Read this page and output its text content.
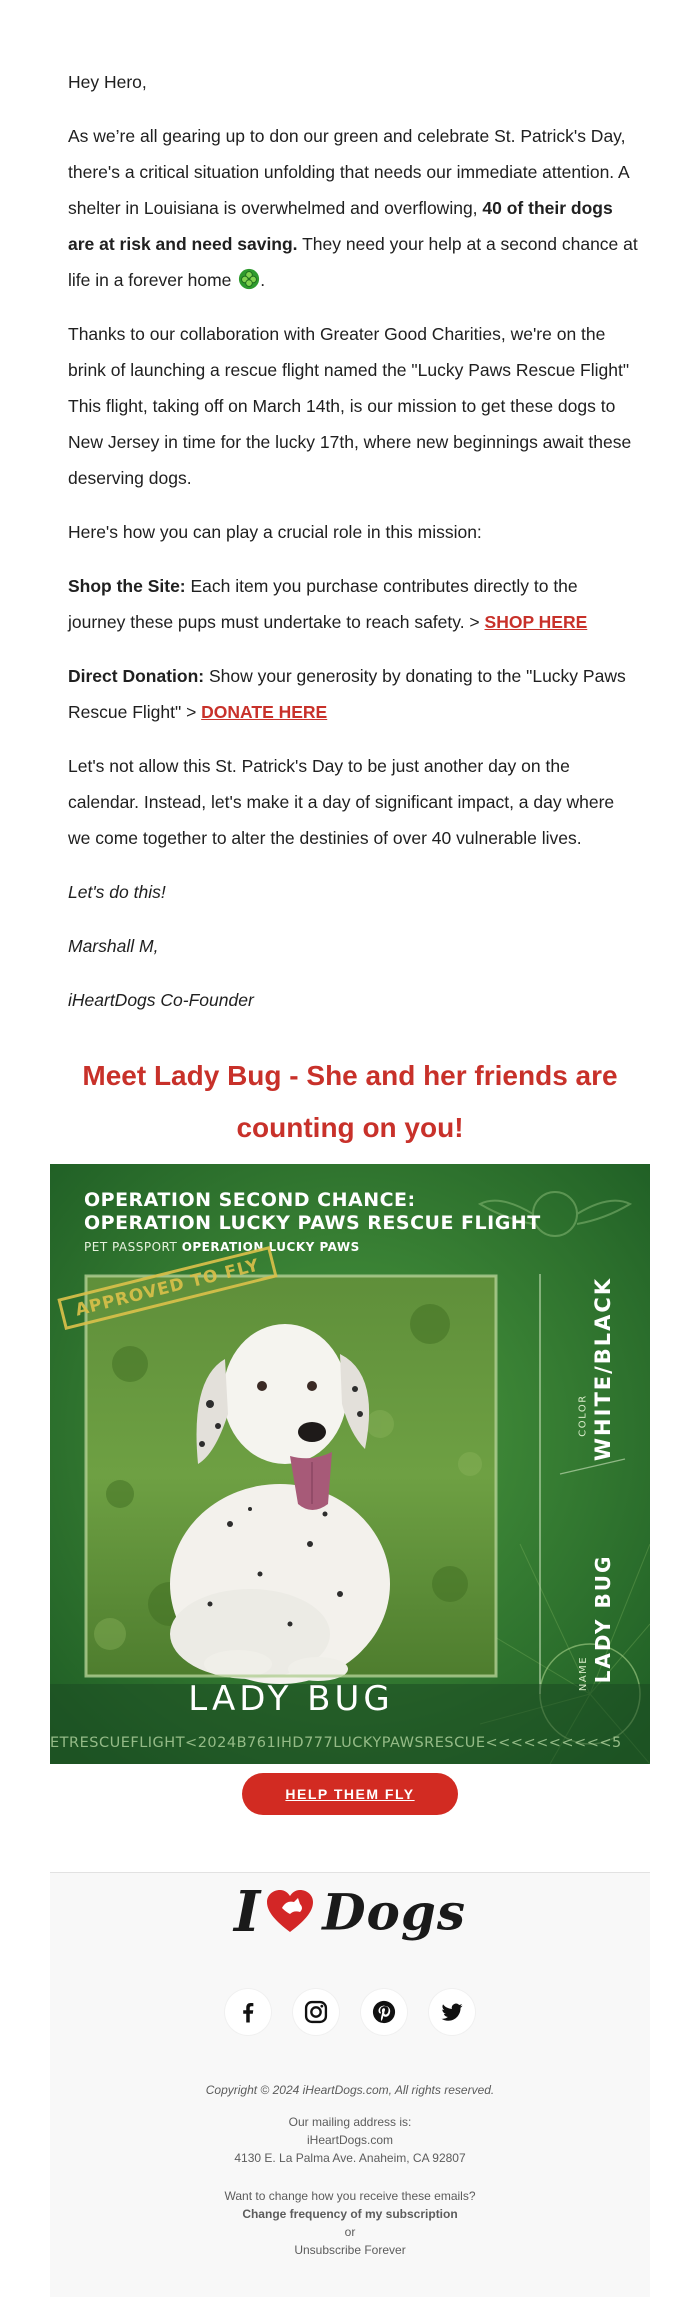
Hey Hero,

As we’re all gearing up to don our green and celebrate St. Patrick's Day, there's a critical situation unfolding that needs our immediate attention. A shelter in Louisiana is overwhelmed and overflowing, 40 of their dogs are at risk and need saving. They need your help at a second chance at life in a forever home .

Thanks to our collaboration with Greater Good Charities, we're on the brink of launching a rescue flight named the "Lucky Paws Rescue Flight" This flight, taking off on March 14th, is our mission to get these dogs to New Jersey in time for the lucky 17th, where new beginnings await these deserving dogs.

Here's how you can play a crucial role in this mission:

Shop the Site: Each item you purchase contributes directly to the journey these pups must undertake to reach safety. > SHOP HERE

Direct Donation: Show your generosity by donating to the "Lucky Paws Rescue Flight" > DONATE HERE

Let's not allow this St. Patrick's Day to be just another day on the calendar. Instead, let's make it a day of significant impact, a day where we come together to alter the destinies of over 40 vulnerable lives.

Let's do this!

Marshall M,

iHeartDogs Co-Founder

Meet Lady Bug - She and her friends are counting on you!
OPERATION SECOND CHANCE:
OPERATION LUCKY PAWS RESCUE FLIGHT
PET PASSPORT OPERATION LUCKY PAWS
APPROVED TO FLY	WHITE/BLACK
COLOR
LADY BUG
NAME
LADY BUG
ETRESCUEFLIGHT<2024B761IHD777LUCKYPAWSRESCUE<<<<<<<<<<5
HELP THEM FLY
I Dogs
Copyright © 2024 iHeartDogs.com, All rights reserved.
Our mailing address is:
iHeartDogs.com
4130 E. La Palma Ave. Anaheim, CA 92807
Want to change how you receive these emails?
Change frequency of my subscription
or
Unsubscribe Forever
